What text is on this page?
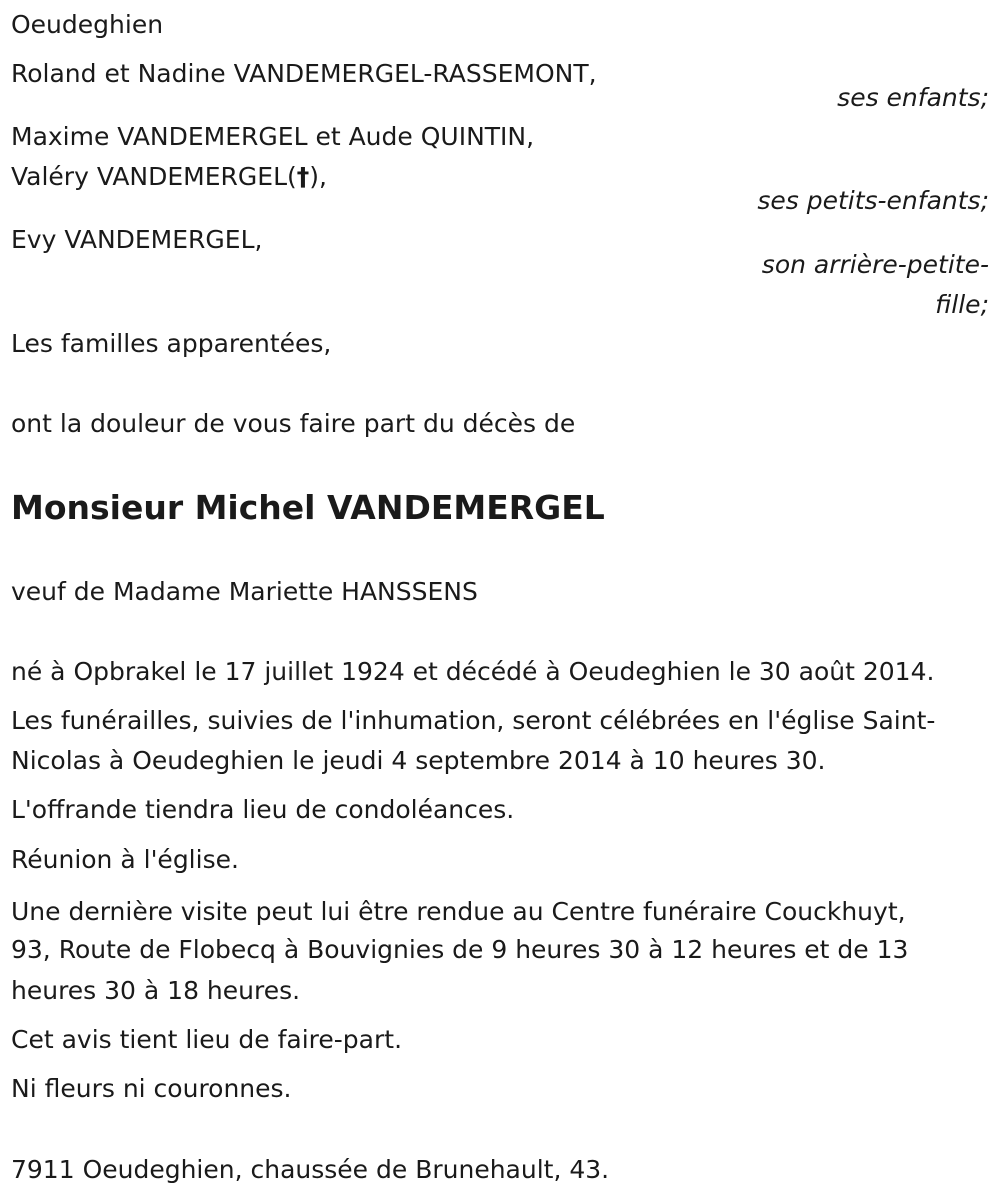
Oeudeghien
Roland et Nadine VANDEMERGEL-RASSEMONT,
ses enfants;
Maxime VANDEMERGEL et Aude QUINTIN,
Valéry VANDEMERGEL(†),
ses petits-enfants;
Evy VANDEMERGEL,
son arrière-petite-
fille;
Les familles apparentées,
ont la douleur de vous faire part du décès de
Monsieur Michel VANDEMERGEL
veuf de Madame Mariette HANSSENS
né à Opbrakel le 17 juillet 1924 et décédé à Oeudeghien le 30 août 2014.
Les funérailles, suivies de l'inhumation, seront célébrées en l'église Saint-
Nicolas à Oeudeghien le jeudi 4 septembre 2014 à 10 heures 30.
L'offrande tiendra lieu de condoléances.
Réunion à l'église.
Une dernière visite peut lui être rendue au Centre funéraire Couckhuyt,
93, Route de Flobecq à Bouvignies de 9 heures 30 à 12 heures et de 13
heures 30 à 18 heures.
Cet avis tient lieu de faire-part.
Ni fleurs ni couronnes.
7911 Oeudeghien, chaussée de Brunehault, 43.
